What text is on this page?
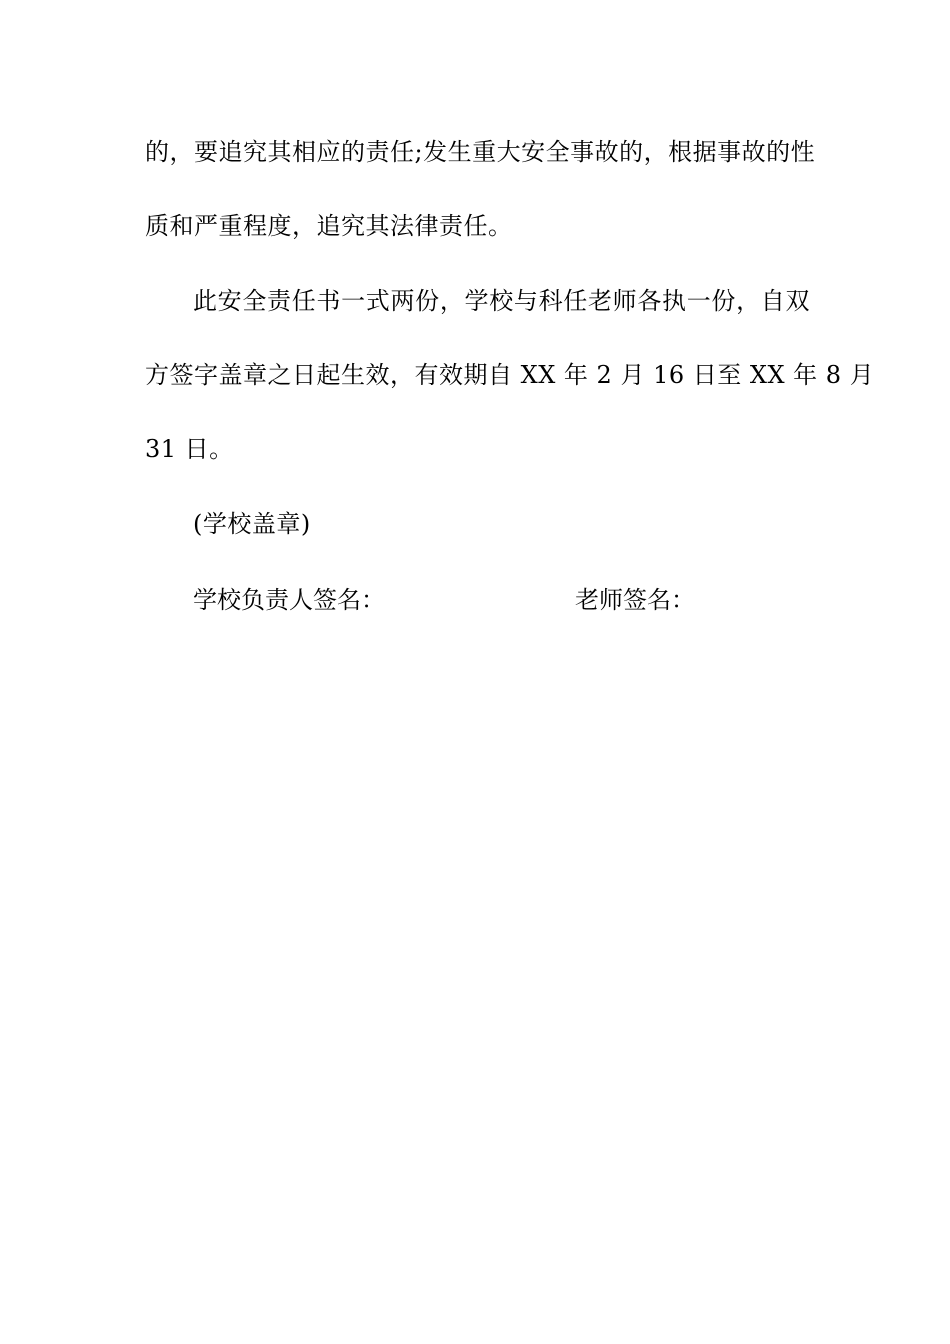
的，要追究其相应的责任;发生重大安全事故的，根据事故的性
质和严重程度，追究其法律责任。
此安全责任书一式两份，学校与科任老师各执一份，自双
方签字盖章之日起生效，有效期自 XX 年 2 月 16 日至 XX 年 8 月
31 日。
(学校盖章)
学校负责人签名：	老师签名：
